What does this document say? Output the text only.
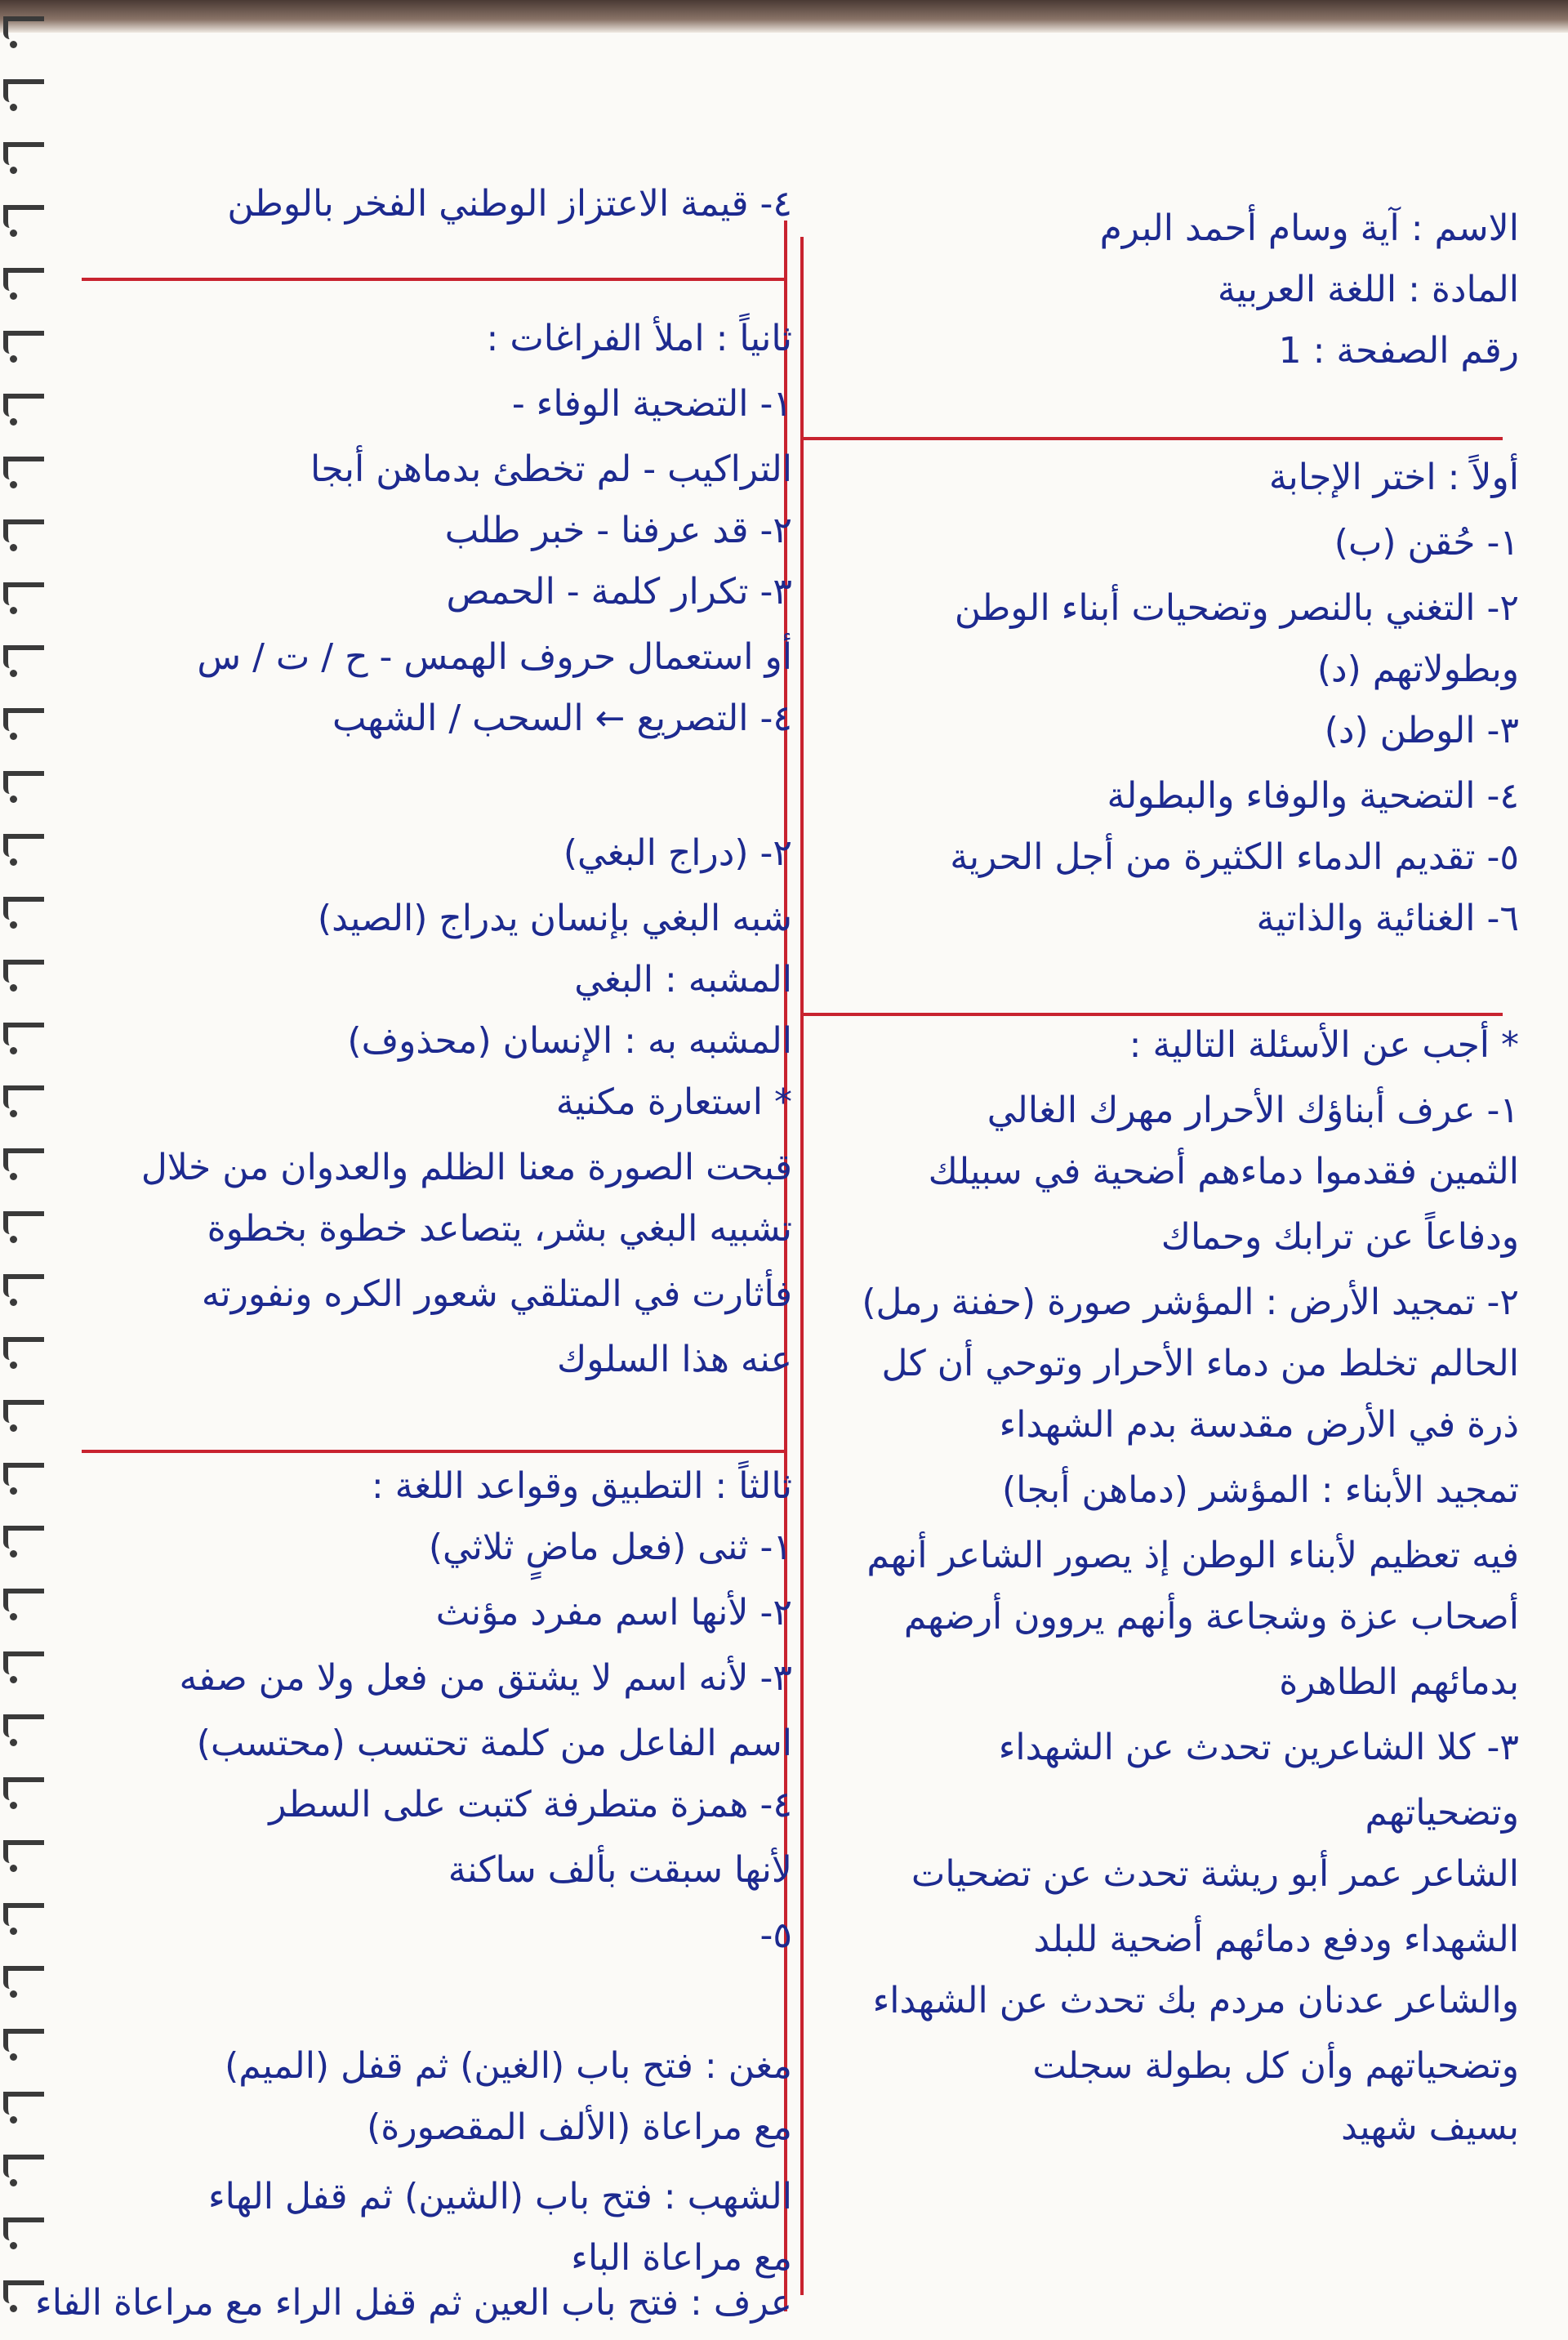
٤- قيمة الاعتزاز الوطني الفخر بالوطن
ثانياً : املأ الفراغات :
١- التضحية الوفاء -
التراكيب - لم تخطئ بدماهن أبجا
٢- قد عرفنا - خبر طلب
٣- تكرار كلمة - الحمص
أو استعمال حروف الهمس - ح / ت / س
٤- التصريع ← السحب / الشهب
٢- (دراج البغي)
شبه البغي بإنسان يدراج (الصيد)
المشبه : البغي
المشبه به : الإنسان (محذوف)
* استعارة مكنية
قبحت الصورة معنا الظلم والعدوان من خلال
تشبيه البغي بشر، يتصاعد خطوة بخطوة
فأثارت في المتلقي شعور الكره ونفورته
عنه هذا السلوك
ثالثاً : التطبيق وقواعد اللغة :
١- ثنى (فعل ماضٍ ثلاثي)
٢- لأنها اسم مفرد مؤنث
٣- لأنه اسم لا يشتق من فعل ولا من صفه
اسم الفاعل من كلمة تحتسب (محتسب)
٤- همزة متطرفة كتبت على السطر
لأنها سبقت بألف ساكنة
٥-
مغن : فتح باب (الغين) ثم قفل (الميم)
مع مراعاة (الألف المقصورة)
الشهب : فتح باب (الشين) ثم قفل الهاء
مع مراعاة الباء
عرف : فتح باب العين ثم قفل الراء مع مراعاة الفاء
الاسم : آية وسام أحمد البرم
المادة : اللغة العربية
رقم الصفحة : 1
أولاً : اختر الإجابة
١- حُقن (ب)
٢- التغني بالنصر وتضحيات أبناء الوطن
وبطولاتهم (د)
٣- الوطن (د)
٤- التضحية والوفاء والبطولة
٥- تقديم الدماء الكثيرة من أجل الحرية
٦- الغنائية والذاتية
* أجب عن الأسئلة التالية :
١- عرف أبناؤك الأحرار مهرك الغالي
الثمين فقدموا دماءهم أضحية في سبيلك
ودفاعاً عن ترابك وحماك
٢- تمجيد الأرض : المؤشر صورة (حفنة رمل)
الحالم تخلط من دماء الأحرار وتوحي أن كل
ذرة في الأرض مقدسة بدم الشهداء
تمجيد الأبناء : المؤشر (دماهن أبجا)
فيه تعظيم لأبناء الوطن إذ يصور الشاعر أنهم
أصحاب عزة وشجاعة وأنهم يروون أرضهم
بدمائهم الطاهرة
٣- كلا الشاعرين تحدث عن الشهداء
وتضحياتهم
الشاعر عمر أبو ريشة تحدث عن تضحيات
الشهداء ودفع دمائهم أضحية للبلد
والشاعر عدنان مردم بك تحدث عن الشهداء
وتضحياتهم وأن كل بطولة سجلت
بسيف شهيد
